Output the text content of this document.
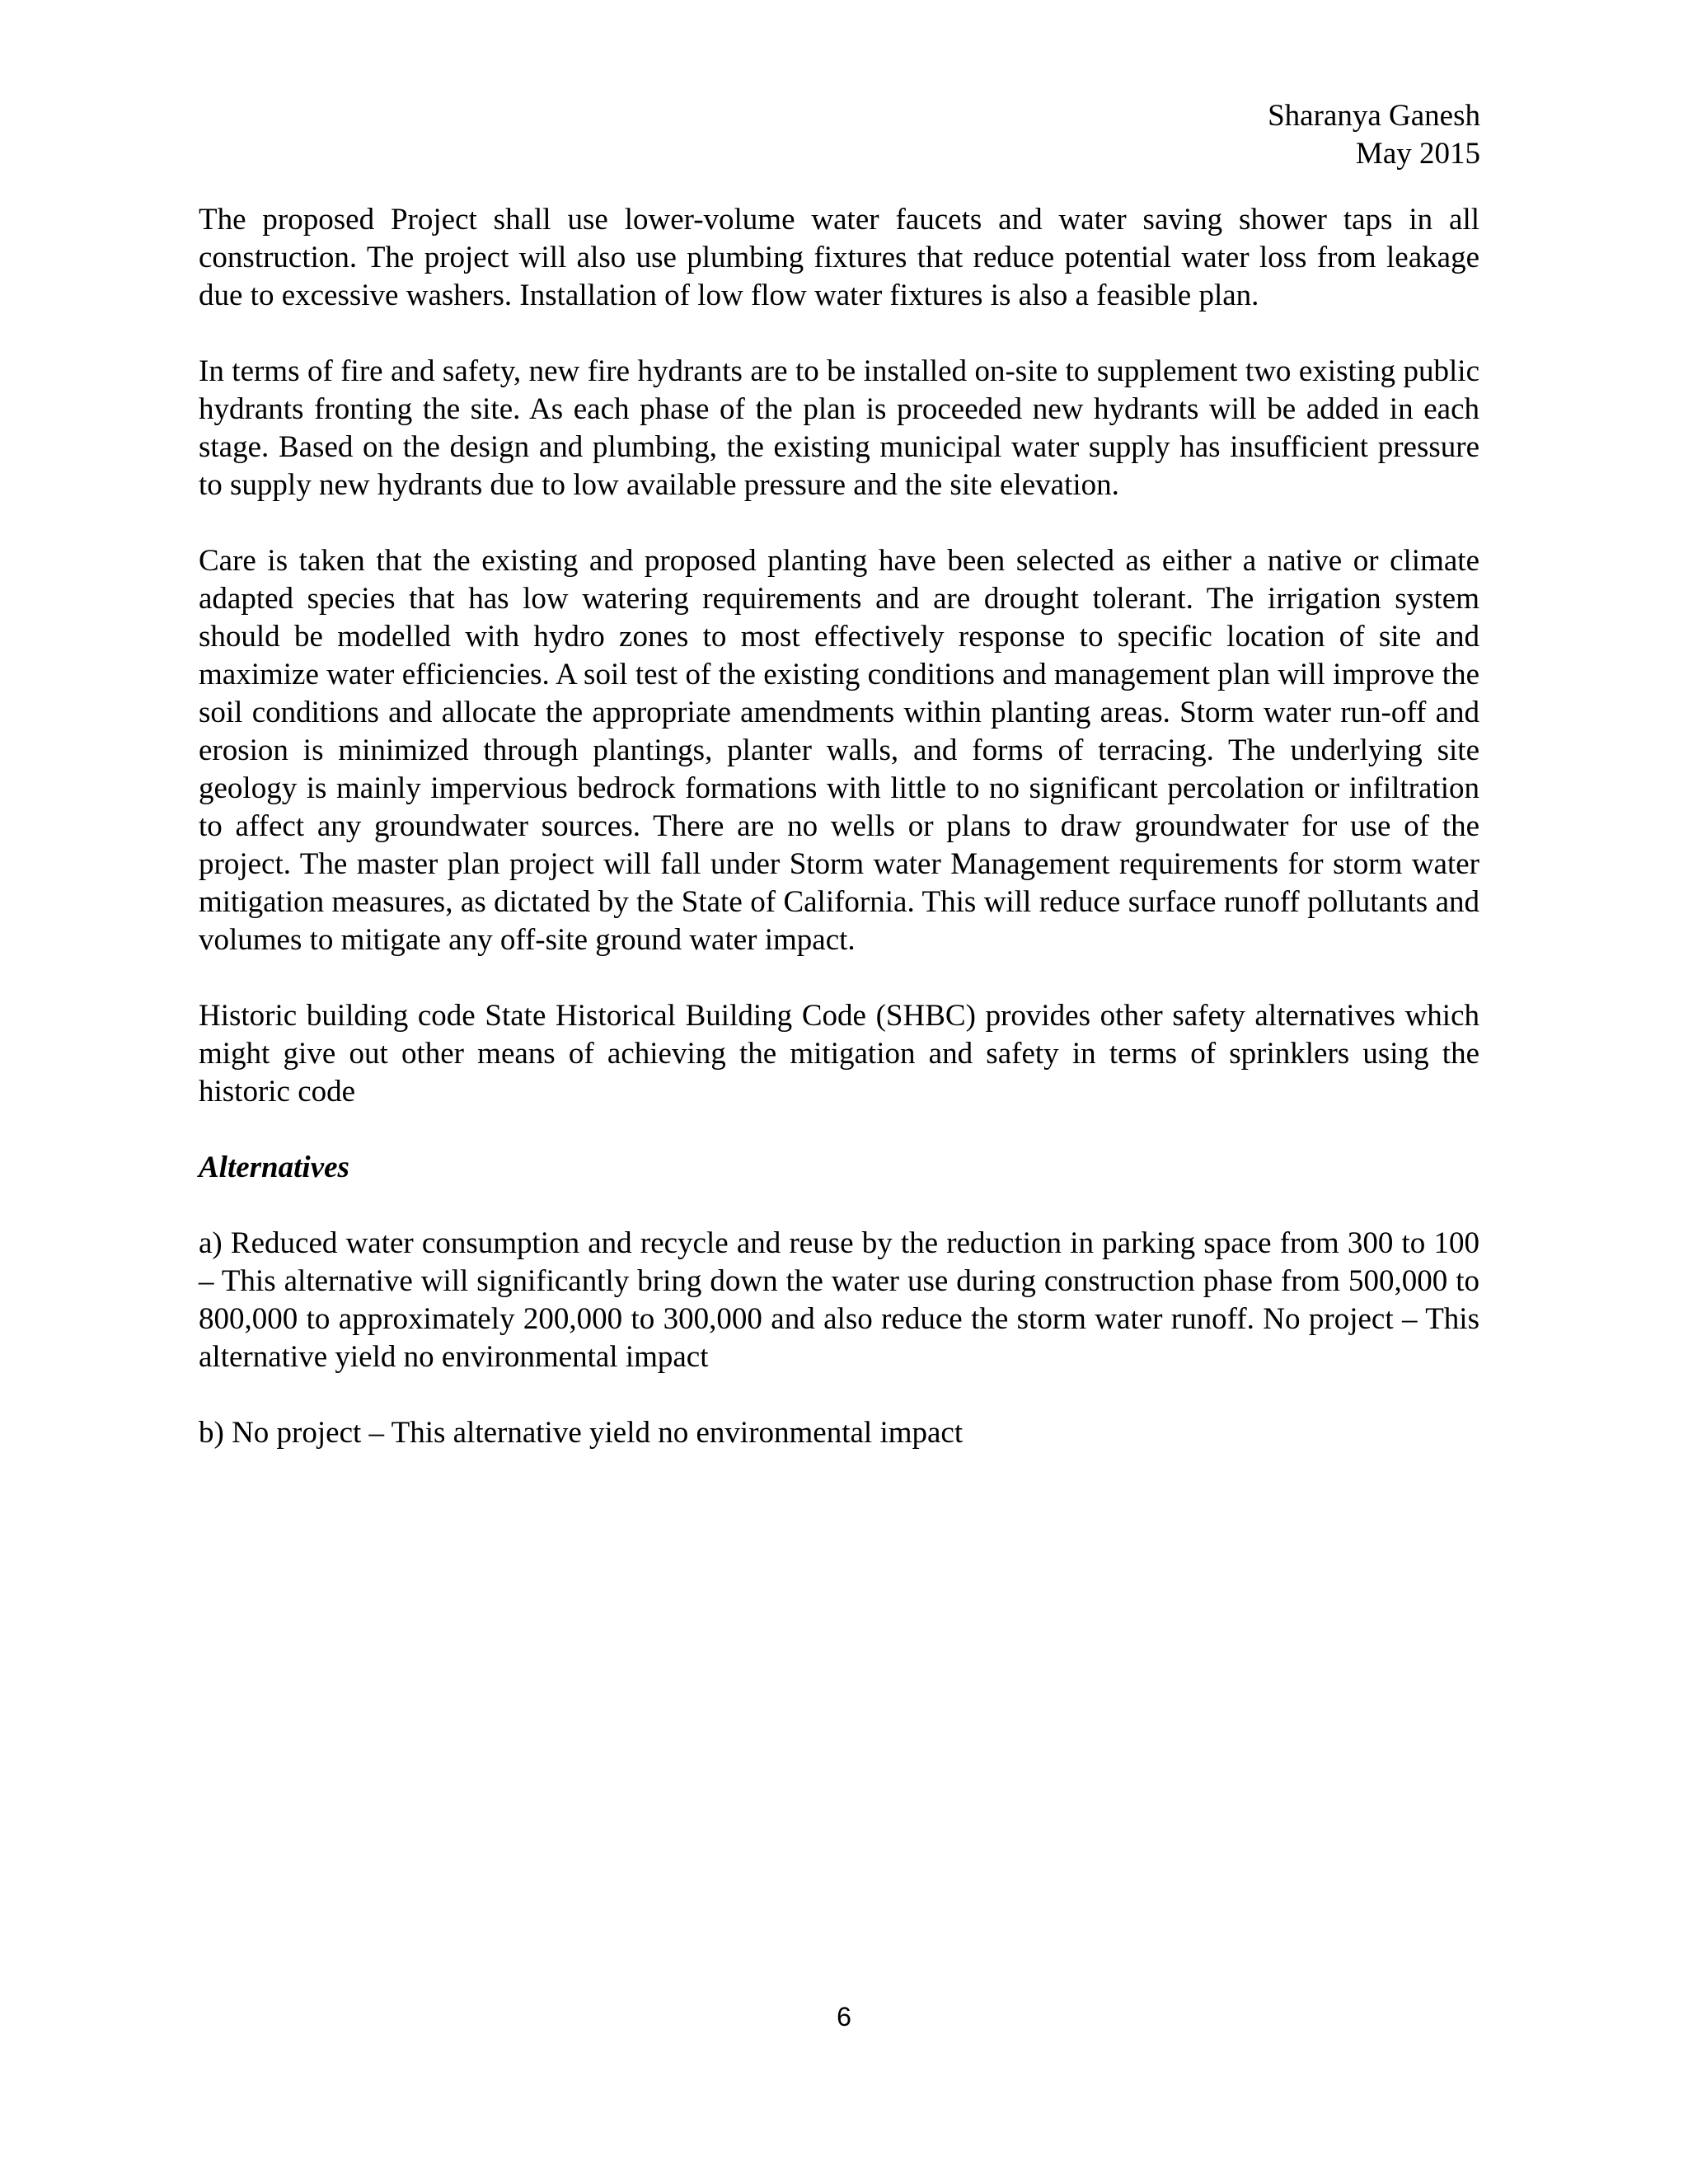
Sharanya Ganesh
May 2015

The proposed Project shall use lower-volume water faucets and water saving shower taps in all construction. The project will also use plumbing fixtures that reduce potential water loss from leakage due to excessive washers. Installation of low flow water fixtures is also a feasible plan.

In terms of fire and safety, new fire hydrants are to be installed on-site to supplement two existing public hydrants fronting the site. As each phase of the plan is proceeded new hydrants will be added in each stage. Based on the design and plumbing, the existing municipal water supply has insufficient pressure to supply new hydrants due to low available pressure and the site elevation.

Care is taken that the existing and proposed planting have been selected as either a native or climate adapted species that has low watering requirements and are drought tolerant. The irrigation system should be modelled with hydro zones to most effectively response to specific location of site and maximize water efficiencies. A soil test of the existing conditions and management plan will improve the soil conditions and allocate the appropriate amendments within planting areas. Storm water run-off and erosion is minimized through plantings, planter walls, and forms of terracing. The underlying site geology is mainly impervious bedrock formations with little to no significant percolation or infiltration to affect any groundwater sources. There are no wells or plans to draw groundwater for use of the project. The master plan project will fall under Storm water Management requirements for storm water mitigation measures, as dictated by the State of California. This will reduce surface runoff pollutants and volumes to mitigate any off-site ground water impact.

Historic building code State Historical Building Code (SHBC) provides other safety alternatives which might give out other means of achieving the mitigation and safety in terms of sprinklers using the historic code

Alternatives

a) Reduced water consumption and recycle and reuse by the reduction in parking space from 300 to 100 – This alternative will significantly bring down the water use during construction phase from 500,000 to 800,000 to approximately 200,000 to 300,000 and also reduce the storm water runoff. No project – This alternative yield no environmental impact

b) No project – This alternative yield no environmental impact

6
